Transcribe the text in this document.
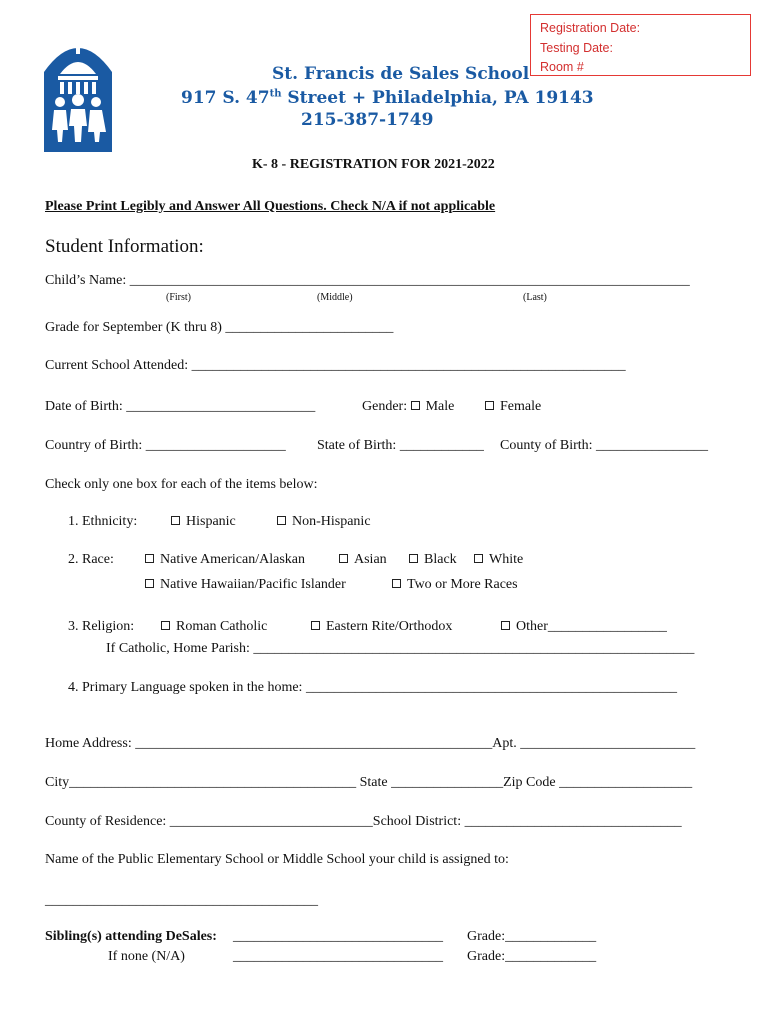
Registration Date:
Testing Date:
Room #
St. Francis de Sales School
917 S. 47th Street + Philadelphia, PA 19143
215-387-1749
K- 8 - REGISTRATION FOR 2021-2022
Please Print Legibly and Answer All Questions. Check N/A if not applicable
Student Information:
Child’s Name: ________________________________________________________________________________
(First)	(Middle)	(Last)
Grade for September (K thru 8) ________________________
Current School Attended: ______________________________________________________________
Date of Birth: ___________________________	Gender: Male	Female
Country of Birth: ____________________ State of Birth: ____________ County of Birth: ________________
Check only one box for each of the items below:
1. Ethnicity:	Hispanic	Non-Hispanic
2. Race:	Native American/Alaskan	Asian	Black	White
Native Hawaiian/Pacific Islander	Two or More Races
3. Religion:	Roman Catholic	Eastern Rite/Orthodox	Other_________________
If Catholic, Home Parish: _______________________________________________________________
4. Primary Language spoken in the home: _____________________________________________________
Home Address: ___________________________________________________Apt. _________________________
City_________________________________________ State ________________Zip Code ___________________
County of Residence: _____________________________School District: _______________________________
Name of the Public Elementary School or Middle School your child is assigned to:
_______________________________________
Sibling(s) attending DeSales: ______________________________ Grade:_____________
If none (N/A)	______________________________ Grade:_____________
